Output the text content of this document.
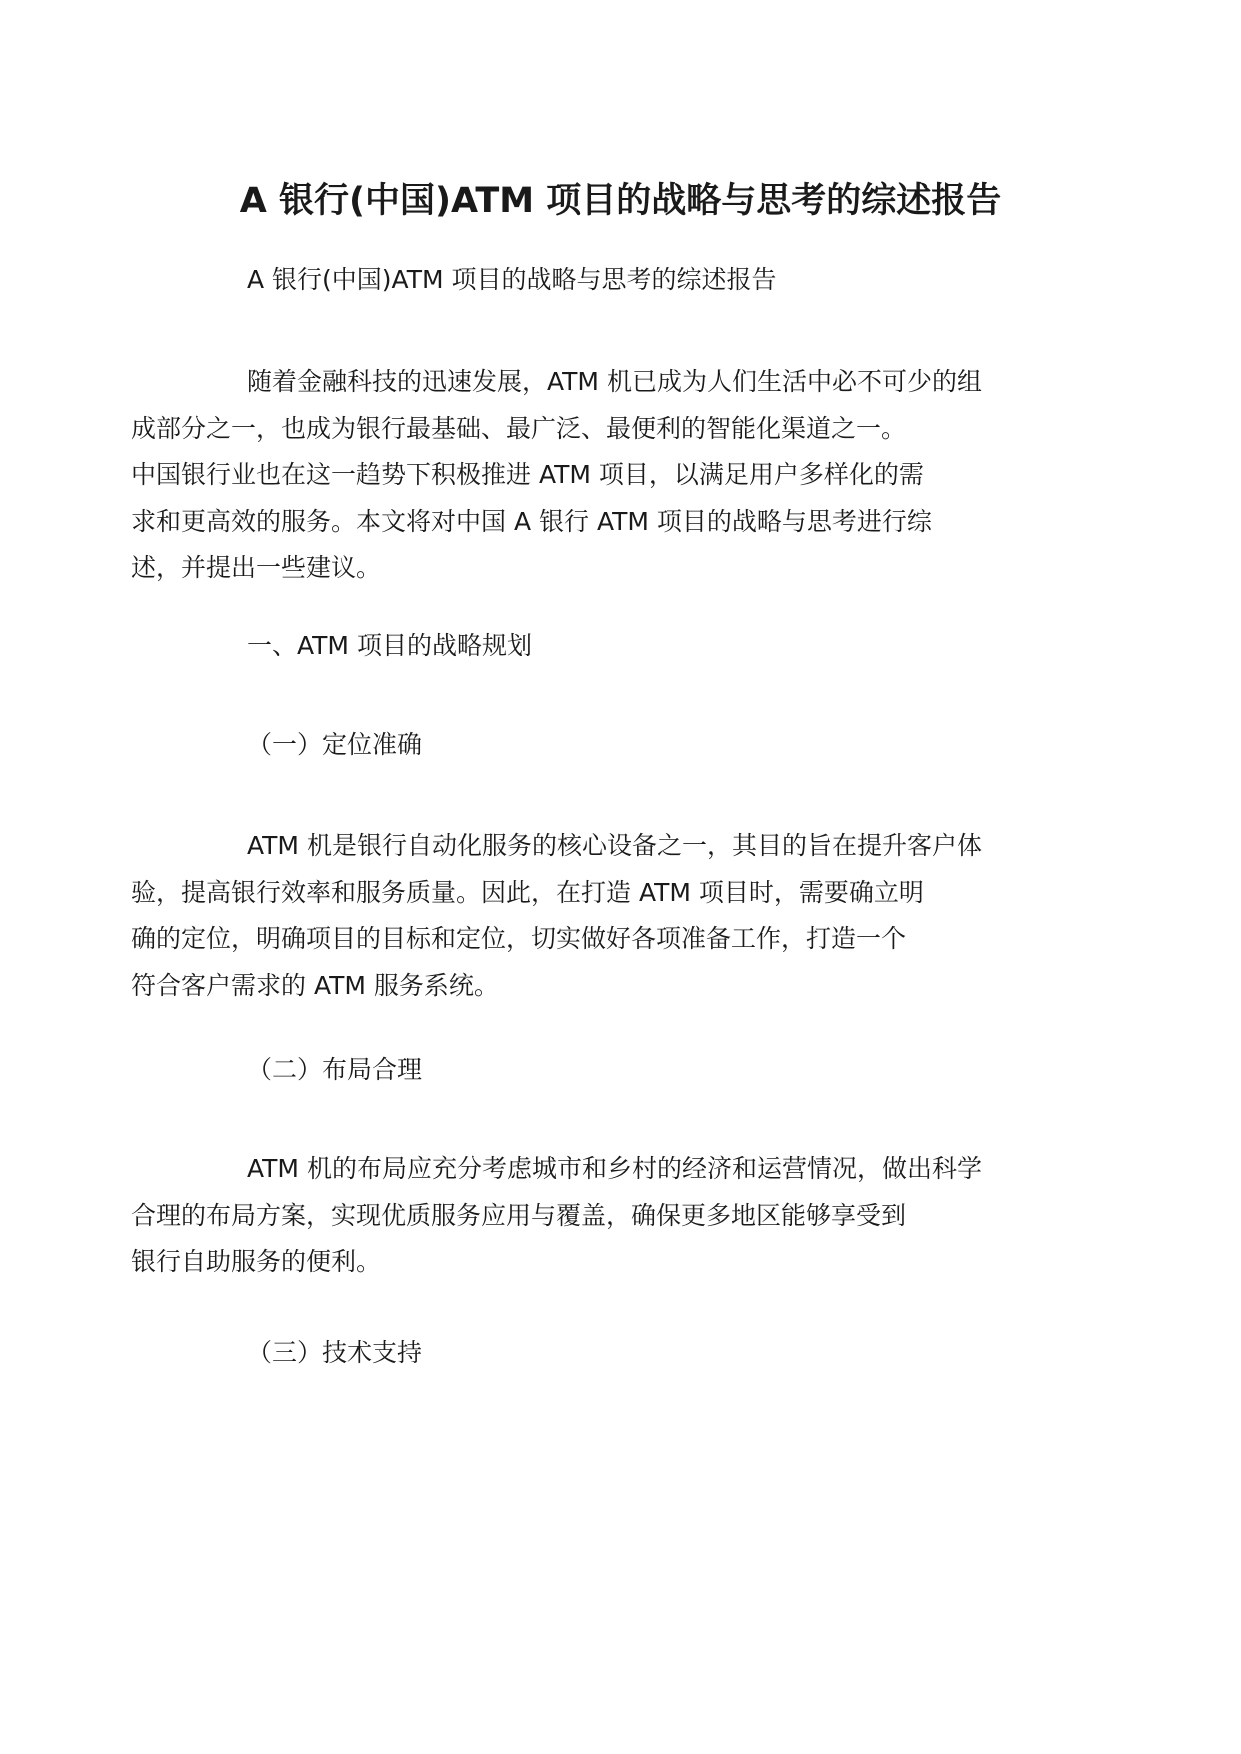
A 银行(中国)ATM 项目的战略与思考的综述报告

A 银行(中国)ATM 项目的战略与思考的综述报告

随着金融科技的迅速发展，ATM 机已成为人们生活中必不可少的组
成部分之一，也成为银行最基础、最广泛、最便利的智能化渠道之一。
中国银行业也在这一趋势下积极推进 ATM 项目，以满足用户多样化的需
求和更高效的服务。本文将对中国 A 银行 ATM 项目的战略与思考进行综
述，并提出一些建议。

一、ATM 项目的战略规划

（一）定位准确

ATM 机是银行自动化服务的核心设备之一，其目的旨在提升客户体
验，提高银行效率和服务质量。因此，在打造 ATM 项目时，需要确立明
确的定位，明确项目的目标和定位，切实做好各项准备工作，打造一个
符合客户需求的 ATM 服务系统。

（二）布局合理

ATM 机的布局应充分考虑城市和乡村的经济和运营情况，做出科学
合理的布局方案，实现优质服务应用与覆盖，确保更多地区能够享受到
银行自助服务的便利。

（三）技术支持
